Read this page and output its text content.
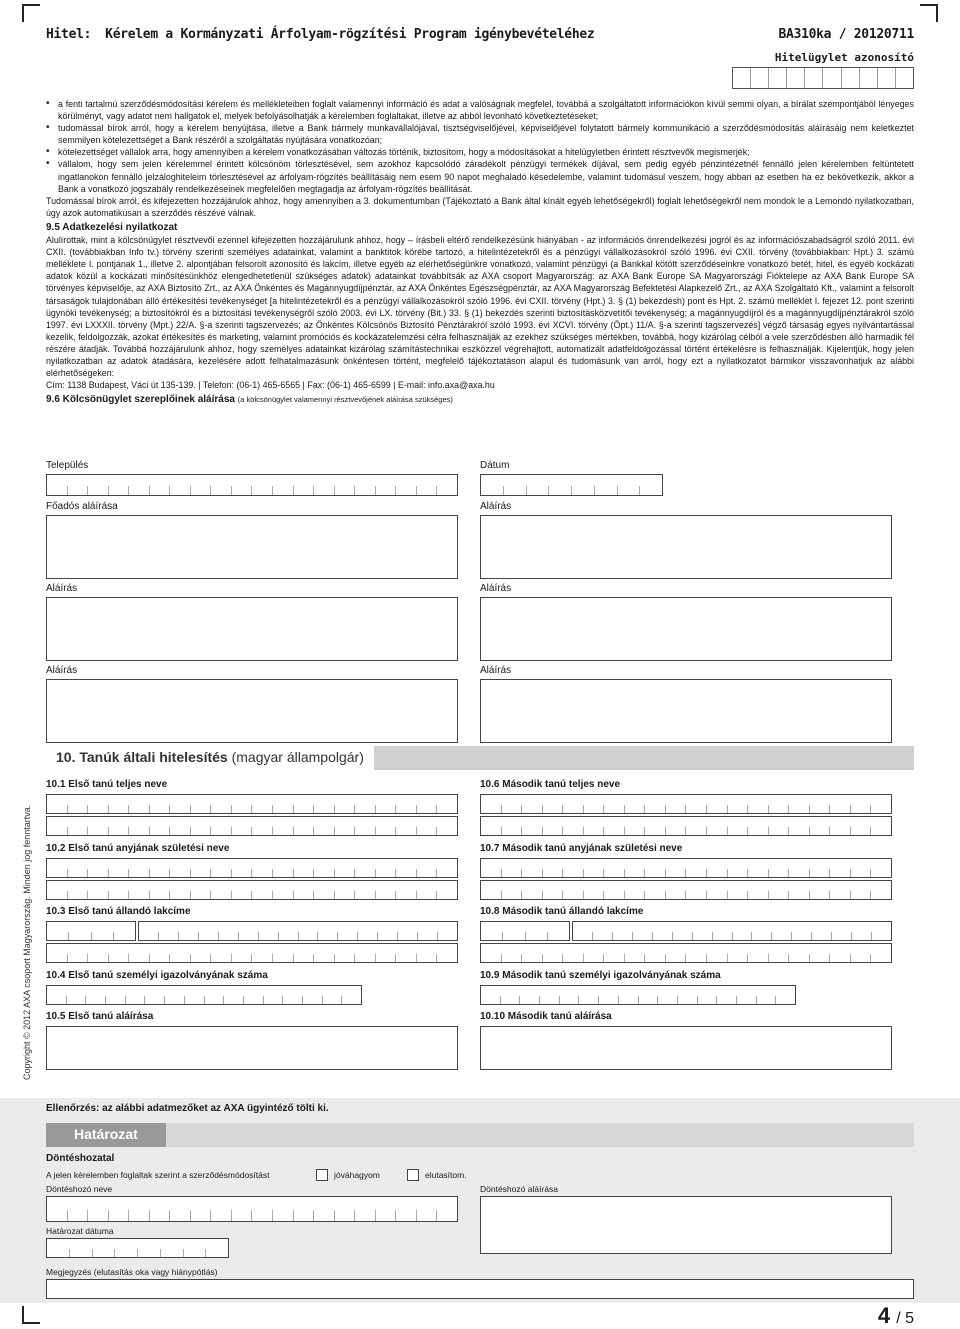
Hitel: Kérelem a Kormányzati Árfolyam-rögzítési Program igénybevételéhez	BA310ka / 20120711
Hitelügylet azonosító
• a fenti tartalmú szerződésmódosítási kérelem és mellékleteiben foglalt valamennyi információ és adat a valóságnak megfelel, továbbá a szolgáltatott információkon kívül semmi olyan, a bírálat szempontjából lényeges körülményt, vagy adatot nem hallgatok el, melyek befolyásolhatják a kérelemben foglaltakat, illetve az abból levonható következtetéseket;
• tudomással bírok arról, hogy a kérelem benyújtása, illetve a Bank bármely munkavállalójával, tisztségviselőjével, képviselőjével folytatott bármely kommunikáció a szerződésmódosítás aláírásáig nem keletkeztet semmilyen kötelezettséget a Bank részéről a szolgáltatás nyújtására vonatkozóan;
• kötelezettséget vállalok arra, hogy amennyiben a kérelem vonatkozásában változás történik, biztosítom, hogy a módosításokat a hitelügyletben érintett résztvevők megismerjék;
• vállalom, hogy sem jelen kérelemmel érintett kölcsönöm törlesztésével, sem azokhoz kapcsolódó záradékolt pénzügyi termékek díjával, sem pedig egyéb pénzintézetnél fennálló jelen kérelemben feltüntetett ingatlanokon fennálló jelzáloghiteleim törlesztésével az árfolyam-rögzítés beállításáig nem esem 90 napot meghaladó késedelembe, valamint tudomásul veszem, hogy abban az esetben ha ez bekövetkezik, akkor a Bank a vonatkozó jogszabály rendelkezéseinek megfelelően megtagadja az árfolyam-rögzítés beállítását.

Tudomással bírok arról, és kifejezetten hozzájárulok ahhoz, hogy amennyiben a 3. dokumentumban (Tájékoztató a Bank által kínált egyéb lehetőségekről) foglalt lehetőségekről nem mondok le a Lemondó nyilatkozatban, úgy azok automatikusan a szerződés részévé válnak.

9.5 Adatkezelési nyilatkozat

Alulírottak, mint a kölcsönügylet résztvevői ezennel kifejezetten hozzájárulunk ahhoz, hogy – írásbeli eltérő rendelkezésünk hiányában - az információs önrendelkezési jogról és az információszabadságról szóló 2011. évi CXII. (továbbiakban Info tv.) törvény szerinti személyes adatainkat, valamint a banktitok körébe tartozó, a hitelintézetekről és a pénzügyi vállalkozásokról szóló 1996. évi CXII. törvény (továbbiakban: Hpt.) 3. számú melléklete I. pontjának 1., illetve 2. alpontjában felsorolt azonosító és lakcím, illetve egyéb az elérhetőségünkre vonatkozó, valamint pénzügyi (a Bankkal kötött szerződéseinkre vonatkozó betét, hitel, és egyéb kockázati adatok közül a kockázati minősítésünkhöz elengedhetetlenül szükséges adatok) adatainkat továbbítsák az AXA csoport Magyarország: az AXA Bank Europe SA Magyarországi Fióktelepe az AXA Bank Europe SA törvényes képviselője, az AXA Biztosító Zrt., az AXA Önkéntes és Magánnyugdíjpénztár, az AXA Önkéntes Egészségpénztár, az AXA Magyarország Befektetési Alapkezelő Zrt., az AXA Szolgáltató Kft., valamint a felsorolt társaságok tulajdonában álló értékesítési tevékenységet [a hitelintézetekről és a pénzügyi vállalkozásokról szóló 1996. évi CXII. törvény (Hpt.) 3. § (1) bekezdésh) pont és Hpt. 2. számú melléklet I. fejezet 12. pont szerinti ügynöki tevékenység; a biztosítókról és a biztosítási tevékenységről szóló 2003. évi LX. törvény (Bit.) 33. § (1) bekezdés szerinti biztosításközvetítői tevékenység; a magánnyugdíjról és a magánnyugdíjpénztárakról szóló 1997. évi LXXXII. törvény (Mpt.) 22/A. §-a szerinti tagszervezés; az Önkéntes Kölcsönös Biztosító Pénztárakról szóló 1993. évi XCVI. törvény (Öpt.) 11/A. §-a szerinti tagszervezés] végző társaság egyes nyilvántartással kezelik, feldolgozzák, azokat értékesítés és marketing, valamint promóciós és kockázatelemzési célra felhasználják az ezekhez szükséges mértékben, továbbá, hogy kizárólag célból a vele szerződésben álló harmadik fél részére átadják. Továbbá hozzájárulunk ahhoz, hogy személyes adatainkat kizárólag számítástechnikai eszközzel végrehajtott, automatizált adatfeldolgozással történt értékelésre is felhasználják. Kijelentjük, hogy jelen nyilatkozatban az adatok átadására, kezelésére adott felhatalmazásunk önkéntesen történt, megfelelő tájékoztatáson alapul és tudomásunk van arról, hogy ezt a nyilatkozatot bármikor visszavonhatjuk az alábbi elérhetőségeken:

Cím: 1138 Budapest, Váci út 135-139. | Telefon: (06-1) 465-6565 | Fax: (06-1) 465-6599 | E-mail: info.axa@axa.hu

9.6 Kölcsönügylet szereplőinek aláírása (a kölcsönügylet valamennyi résztvevőjének aláírása szükséges)
Település	Dátum
Főadós aláírása	Aláírás
Aláírás	Aláírás
Aláírás	Aláírás
10. Tanúk általi hitelesítés (magyar állampolgár)
Copyright © 2012 AXA csoport Magyarország. Minden jog fenntartva.
10.1 Első tanú teljes neve
10.2 Első tanú anyjának születési neve
10.3 Első tanú állandó lakcíme
10.4 Első tanú személyi igazolványának száma
10.5 Első tanú aláírása
10.6 Második tanú teljes neve
10.7 Második tanú anyjának születési neve
10.8 Második tanú állandó lakcíme
10.9 Második tanú személyi igazolványának száma
10.10 Második tanú aláírása
Ellenőrzés: az alábbi adatmezőket az AXA ügyintéző tölti ki.
Határozat
Döntéshozatal
A jelen kérelemben foglaltak szerint a szerződésmódosítást	jóváhagyom	elutasítom.
Döntéshozó neve	Döntéshozó aláírása
Határozat dátuma
Megjegyzés (elutasítás oka vagy hiánypótlás)
4 / 5
